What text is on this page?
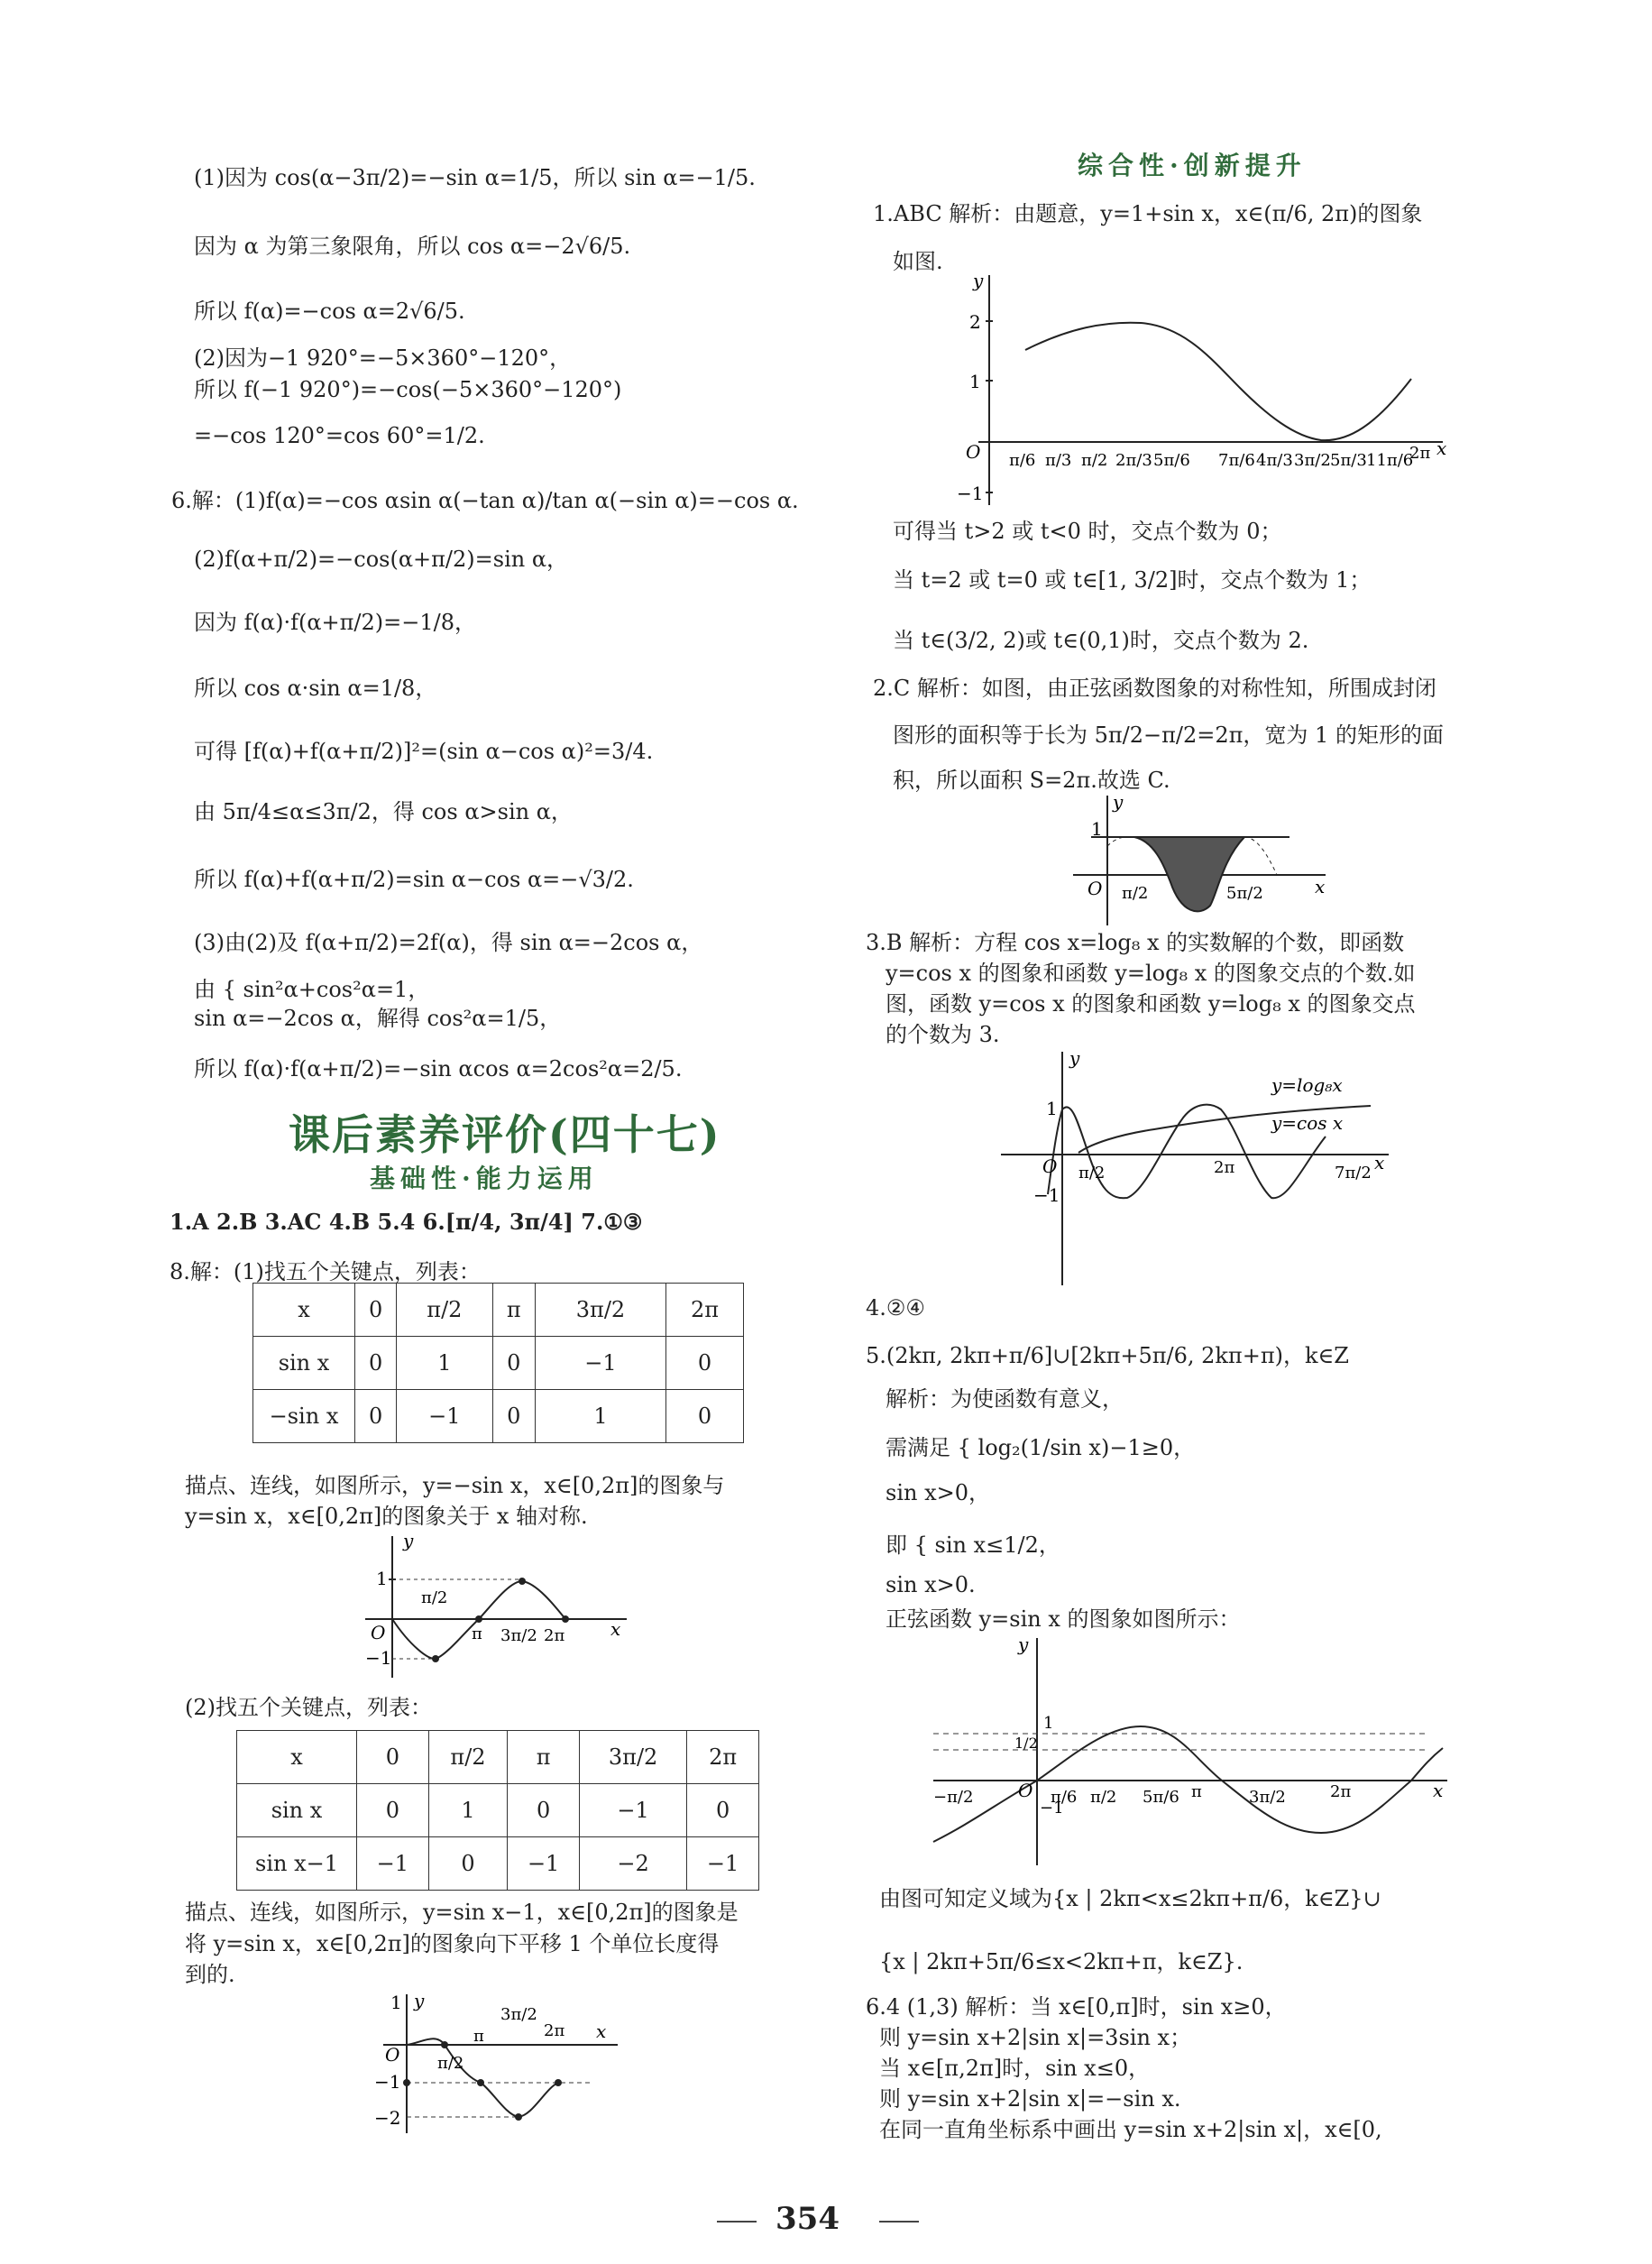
(1)因为 cos(α−3π/2)=−sin α=1/5，所以 sin α=−1/5.
因为 α 为第三象限角，所以 cos α=−2√6/5.
所以 f(α)=−cos α=2√6/5.
(2)因为−1 920°=−5×360°−120°，
所以 f(−1 920°)=−cos(−5×360°−120°)
=−cos 120°=cos 60°=1/2.
6.解：(1)f(α)=−cos αsin α(−tan α)/tan α(−sin α)=−cos α.
(2)f(α+π/2)=−cos(α+π/2)=sin α，
因为 f(α)·f(α+π/2)=−1/8，
所以 cos α·sin α=1/8，
可得 [f(α)+f(α+π/2)]²=(sin α−cos α)²=3/4.
由 5π/4≤α≤3π/2，得 cos α>sin α，
所以 f(α)+f(α+π/2)=sin α−cos α=−√3/2.
(3)由(2)及 f(α+π/2)=2f(α)，得 sin α=−2cos α，
由 { sin²α+cos²α=1，
sin α=−2cos α，解得 cos²α=1/5，
所以 f(α)·f(α+π/2)=−sin αcos α=2cos²α=2/5.
课后素养评价(四十七)
基础性·能力运用
1.A 2.B 3.AC 4.B 5.4 6.[π/4, 3π/4] 7.①③
8.解：(1)找五个关键点，列表：
x	0	π/2	π	3π/2	2π
sin x	0	1	0	−1	0
−sin x	0	−1	0	1	0
描点、连线，如图所示，y=−sin x，x∈[0,2π]的图象与
y=sin x，x∈[0,2π]的图象关于 x 轴对称.
y
1
O
−1
π/2
π 3π/2 2π	x
(2)找五个关键点，列表：
x	0	π/2	π	3π/2	2π
sin x	0	1	0	−1	0
sin x−1	−1	0	−1	−2	−1
描点、连线，如图所示，y=sin x−1，x∈[0,2π]的图象是
将 y=sin x，x∈[0,2π]的图象向下平移 1 个单位长度得
到的.
y
1
O
−1
−2
π/2
π
3π/2
2π x
综合性·创新提升
1.ABC 解析：由题意，y=1+sin x，x∈(π/6, 2π)的图象
如图.
y
2
1
O
−1
π/6 π/3 π/2 2π/3 5π/6 7π/6 4π/3 3π/2 5π/3 11π/6
2π x
可得当 t>2 或 t<0 时，交点个数为 0；
当 t=2 或 t=0 或 t∈[1, 3/2]时，交点个数为 1；
当 t∈(3/2, 2)或 t∈(0,1)时，交点个数为 2.
2.C 解析：如图，由正弦函数图象的对称性知，所围成封闭
图形的面积等于长为 5π/2−π/2=2π，宽为 1 的矩形的面
积，所以面积 S=2π.故选 C.
y
1
O π/2	5π/2	x
3.B 解析：方程 cos x=log₈ x 的实数解的个数，即函数
y=cos x 的图象和函数 y=log₈ x 的图象交点的个数.如
图，函数 y=cos x 的图象和函数 y=log₈ x 的图象交点
的个数为 3.
y
y=log₈x
y=cos x
1
O
−1
π/2	2π	7π/2 x
4.②④
5.(2kπ, 2kπ+π/6]∪[2kπ+5π/6, 2kπ+π)，k∈Z
解析：为使函数有意义，
需满足 { log₂(1/sin x)−1≥0，
sin x>0，
即 { sin x≤1/2，
sin x>0.
正弦函数 y=sin x 的图象如图所示：
y
1
1/2
O
−1
−π/2	π/6 π/2 5π/6 π	3π/2	2π	x
由图可知定义域为{x | 2kπ<x≤2kπ+π/6，k∈Z}∪
{x | 2kπ+5π/6≤x<2kπ+π，k∈Z}.
6.4 (1,3) 解析：当 x∈[0,π]时，sin x≥0，
则 y=sin x+2|sin x|=3sin x；
当 x∈[π,2π]时，sin x≤0，
则 y=sin x+2|sin x|=−sin x.
在同一直角坐标系中画出 y=sin x+2|sin x|，x∈[0,
354
